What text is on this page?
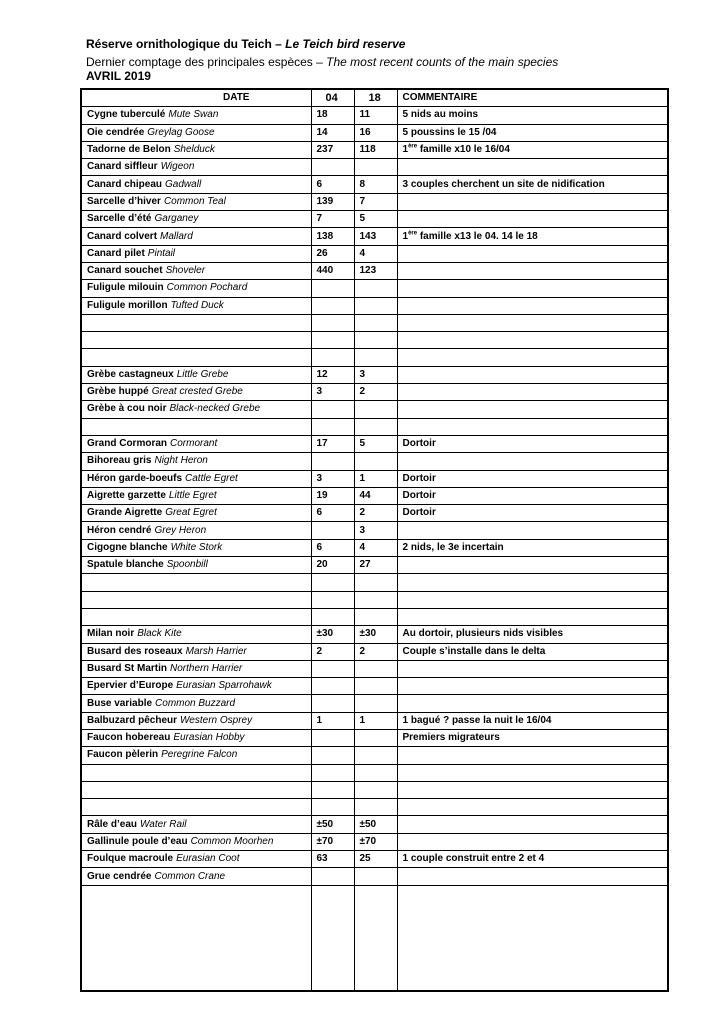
Réserve ornithologique du Teich – Le Teich bird reserve
Dernier comptage des principales espèces – The most recent counts of the main species
AVRIL 2019
DATE	04	18	COMMENTAIRE
Cygne tuberculé Mute Swan	18	11	5 nids au moins
Oie cendrée Greylag Goose	14	16	5 poussins le 15 /04
Tadorne de Belon Shelduck	237	118	1ère famille x10 le 16/04
Canard siffleur Wigeon			
Canard chipeau Gadwall	6	8	3 couples cherchent un site de nidification
Sarcelle d’hiver Common Teal	139	7	
Sarcelle d’été Garganey	7	5	
Canard colvert Mallard	138	143	1ère famille x13 le 04. 14 le 18
Canard pilet Pintail	26	4	
Canard souchet Shoveler	440	123	
Fuligule milouin Common Pochard			
Fuligule morillon Tufted Duck			

Grèbe castagneux Little Grebe	12	3	
Grèbe huppé Great crested Grebe	3	2	
Grèbe à cou noir Black-necked Grebe			

Grand Cormoran Cormorant	17	5	Dortoir
Bihoreau gris Night Heron			
Héron garde-boeufs Cattle Egret	3	1	Dortoir
Aigrette garzette Little Egret	19	44	Dortoir
Grande Aigrette Great Egret	6	2	Dortoir
Héron cendré Grey Heron		3	
Cigogne blanche White Stork	6	4	2 nids, le 3e incertain
Spatule blanche Spoonbill	20	27	

Milan noir Black Kite	±30	±30	Au dortoir, plusieurs nids visibles
Busard des roseaux Marsh Harrier	2	2	Couple s’installe dans le delta
Busard St Martin Northern Harrier			
Epervier d’Europe Eurasian Sparrohawk			
Buse variable Common Buzzard			
Balbuzard pêcheur Western Osprey	1	1	1 bagué ? passe la nuit le 16/04
Faucon hobereau Eurasian Hobby			Premiers migrateurs
Faucon pèlerin Peregrine Falcon			

Râle d’eau Water Rail	±50	±50	
Gallinule poule d’eau Common Moorhen	±70	±70	
Foulque macroule Eurasian Coot	63	25	1 couple construit entre 2 et 4
Grue cendrée Common Crane			
